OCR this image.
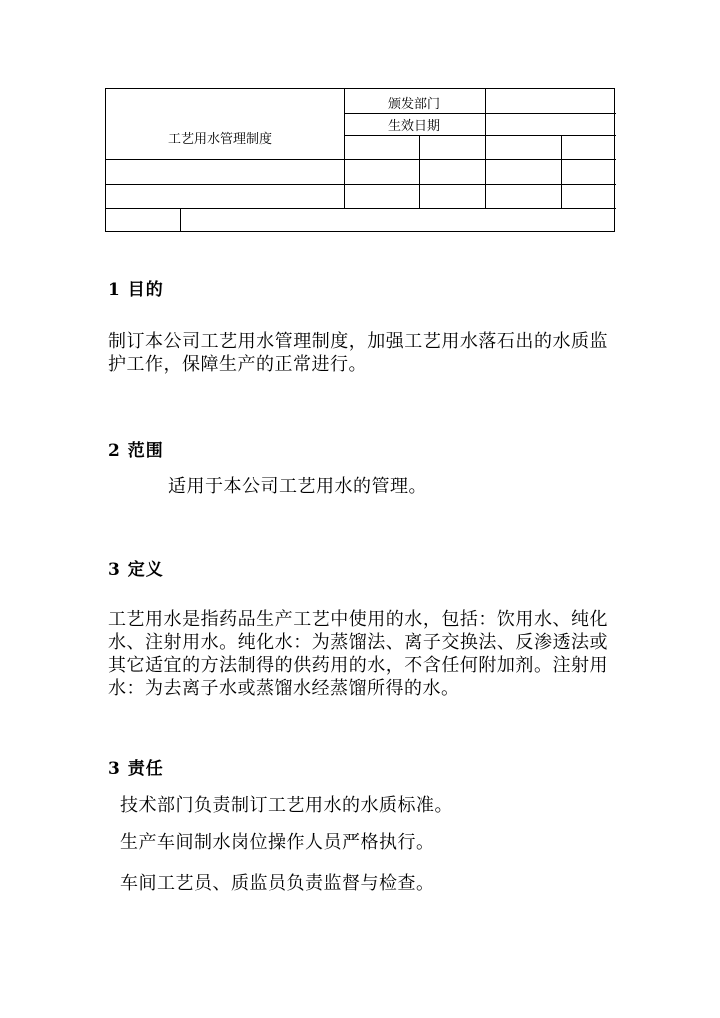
工艺用水管理制度
颁发部门
生效日期
1 目的
制订本公司工艺用水管理制度，加强工艺用水落石出的水质监护工作，保障生产的正常进行。
2 范围
适用于本公司工艺用水的管理。
3 定义
工艺用水是指药品生产工艺中使用的水，包括：饮用水、纯化水、注射用水。纯化水：为蒸馏法、离子交换法、反渗透法或其它适宜的方法制得的供药用的水，不含任何附加剂。注射用水：为去离子水或蒸馏水经蒸馏所得的水。
3 责任
技术部门负责制订工艺用水的水质标准。
生产车间制水岗位操作人员严格执行。
车间工艺员、质监员负责监督与检查。
